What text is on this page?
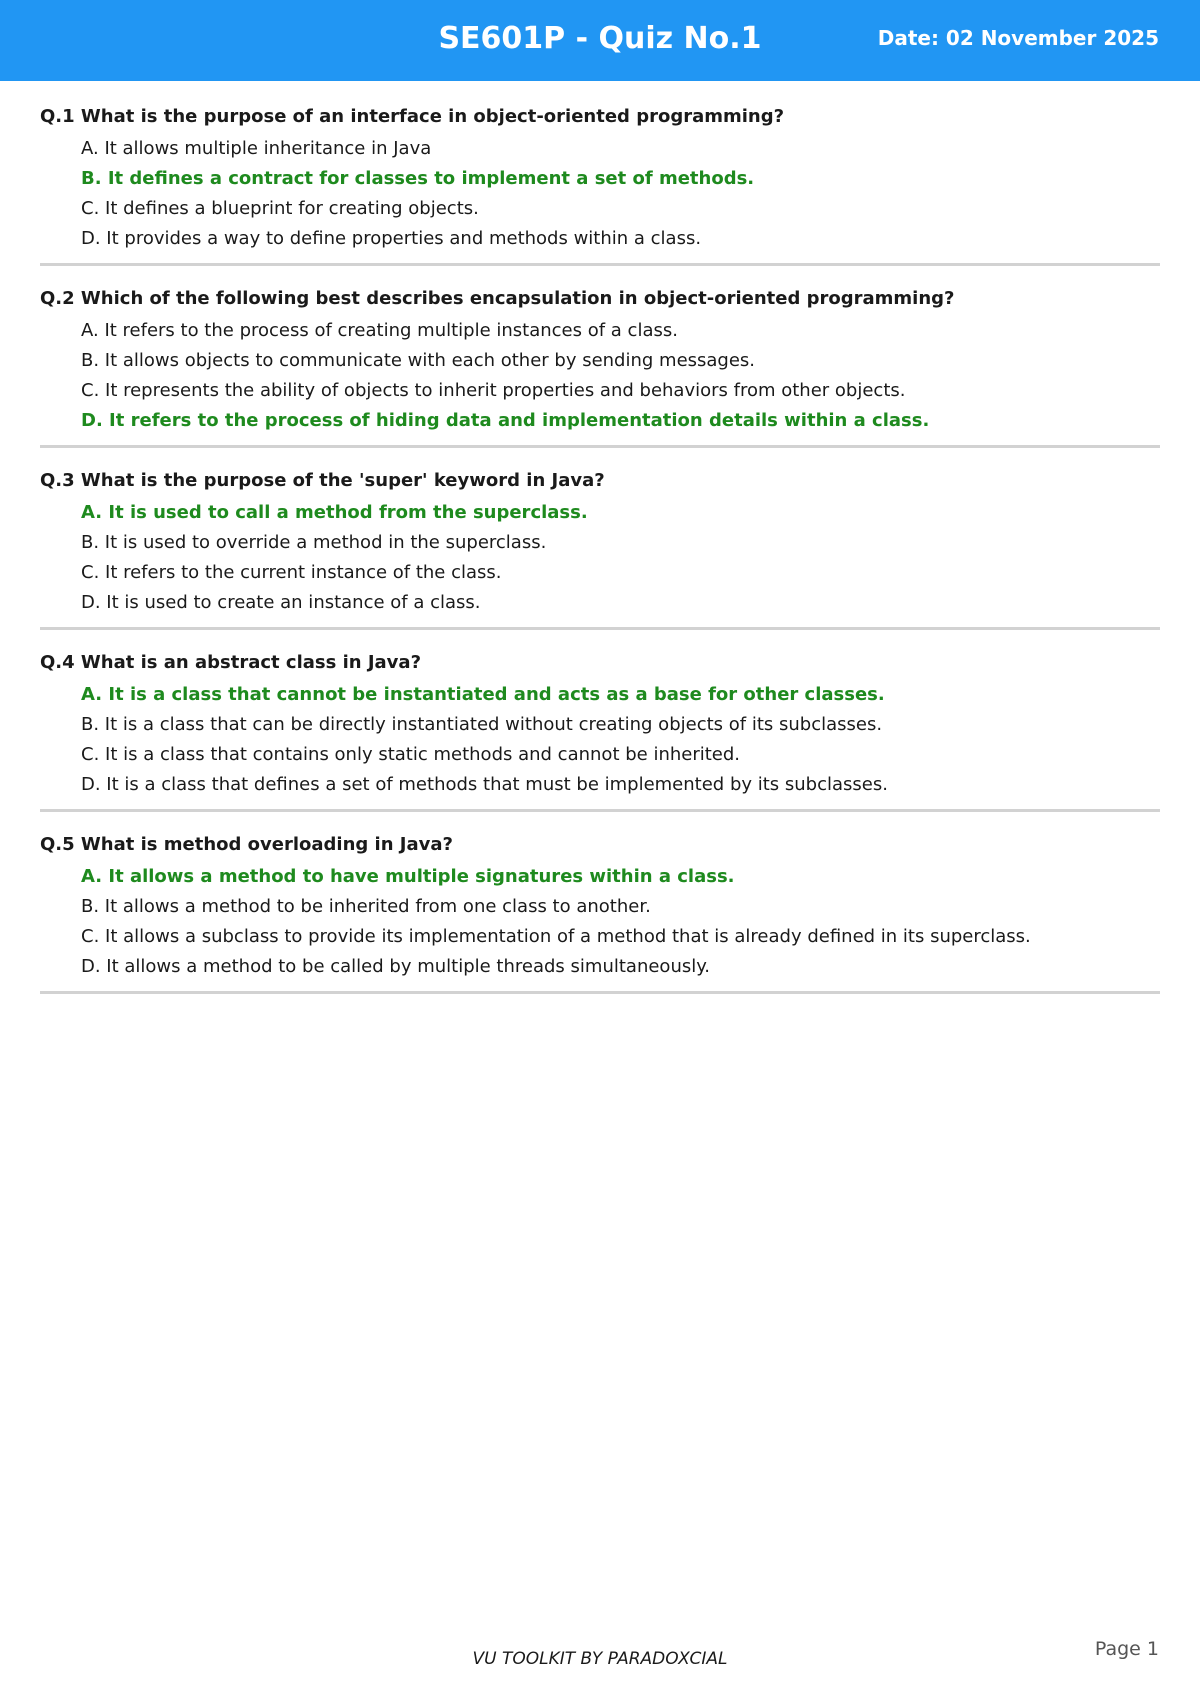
SE601P - Quiz No.1	Date: 02 November 2025
Q.1 What is the purpose of an interface in object-oriented programming?
A. It allows multiple inheritance in Java
B. It defines a contract for classes to implement a set of methods.
C. It defines a blueprint for creating objects.
D. It provides a way to define properties and methods within a class.
Q.2 Which of the following best describes encapsulation in object-oriented programming?
A. It refers to the process of creating multiple instances of a class.
B. It allows objects to communicate with each other by sending messages.
C. It represents the ability of objects to inherit properties and behaviors from other objects.
D. It refers to the process of hiding data and implementation details within a class.
Q.3 What is the purpose of the 'super' keyword in Java?
A. It is used to call a method from the superclass.
B. It is used to override a method in the superclass.
C. It refers to the current instance of the class.
D. It is used to create an instance of a class.
Q.4 What is an abstract class in Java?
A. It is a class that cannot be instantiated and acts as a base for other classes.
B. It is a class that can be directly instantiated without creating objects of its subclasses.
C. It is a class that contains only static methods and cannot be inherited.
D. It is a class that defines a set of methods that must be implemented by its subclasses.
Q.5 What is method overloading in Java?
A. It allows a method to have multiple signatures within a class.
B. It allows a method to be inherited from one class to another.
C. It allows a subclass to provide its implementation of a method that is already defined in its superclass.
D. It allows a method to be called by multiple threads simultaneously.
VU TOOLKIT BY PARADOXCIAL	Page 1
